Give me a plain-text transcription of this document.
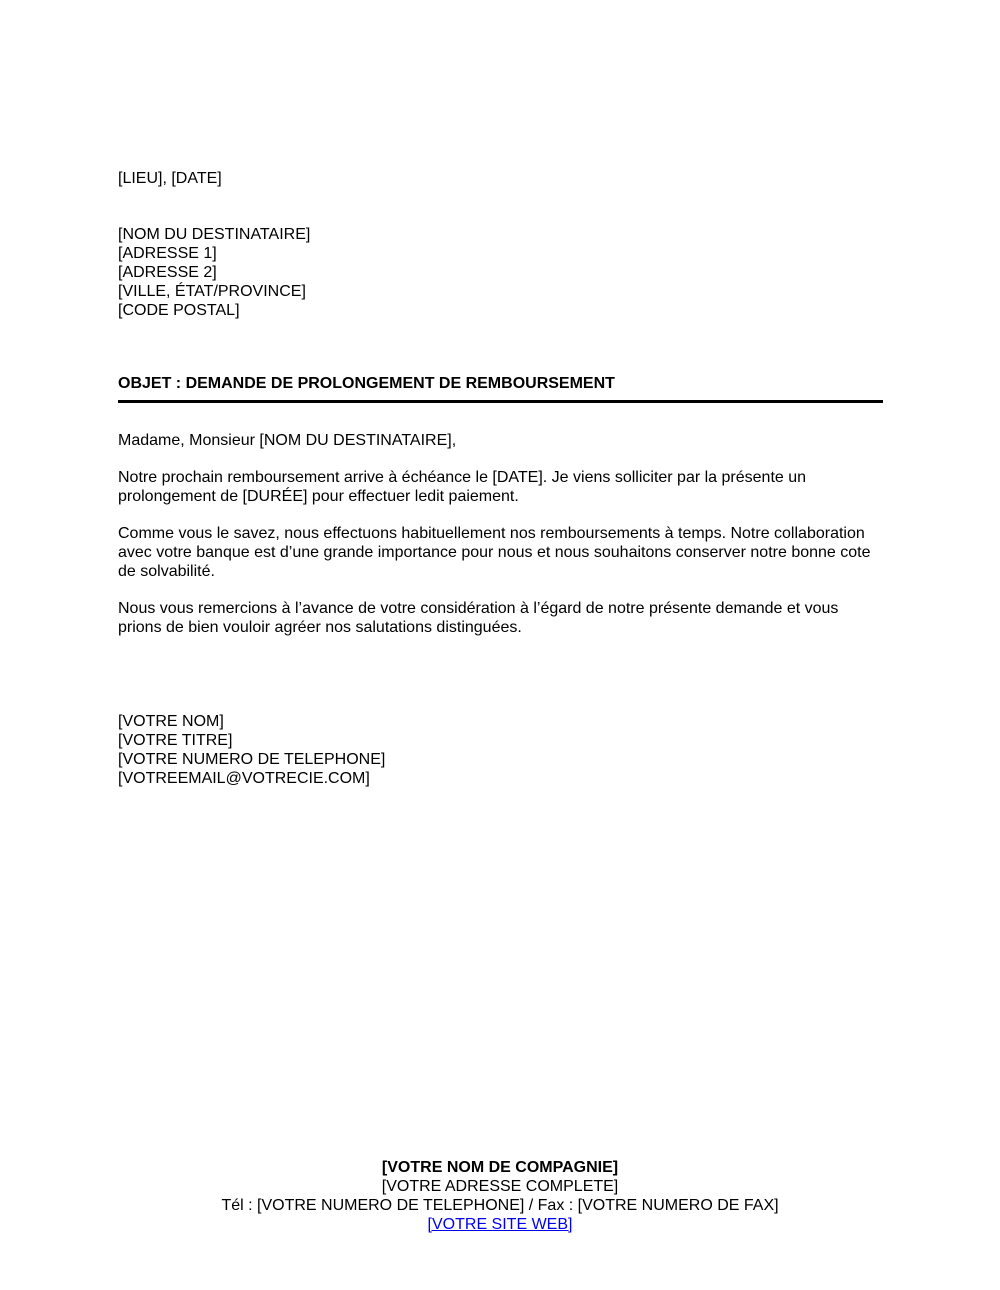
[LIEU], [DATE]
[NOM DU DESTINATAIRE]
[ADRESSE 1]
[ADRESSE 2]
[VILLE, ÉTAT/PROVINCE]
[CODE POSTAL]
OBJET : DEMANDE DE PROLONGEMENT DE REMBOURSEMENT
Madame, Monsieur [NOM DU DESTINATAIRE],
Notre prochain remboursement arrive à échéance le [DATE]. Je viens solliciter par la présente un prolongement de [DURÉE] pour effectuer ledit paiement.
Comme vous le savez, nous effectuons habituellement nos remboursements à temps. Notre collaboration avec votre banque est d’une grande importance pour nous et nous souhaitons conserver notre bonne cote de solvabilité.
Nous vous remercions à l’avance de votre considération à l’égard de notre présente demande et vous prions de bien vouloir agréer nos salutations distinguées.
[VOTRE NOM]
[VOTRE TITRE]
[VOTRE NUMERO DE TELEPHONE]
[VOTREEMAIL@VOTRECIE.COM]
[VOTRE NOM DE COMPAGNIE]
[VOTRE ADRESSE COMPLETE]
Tél : [VOTRE NUMERO DE TELEPHONE] / Fax : [VOTRE NUMERO DE FAX]
[VOTRE SITE WEB]
